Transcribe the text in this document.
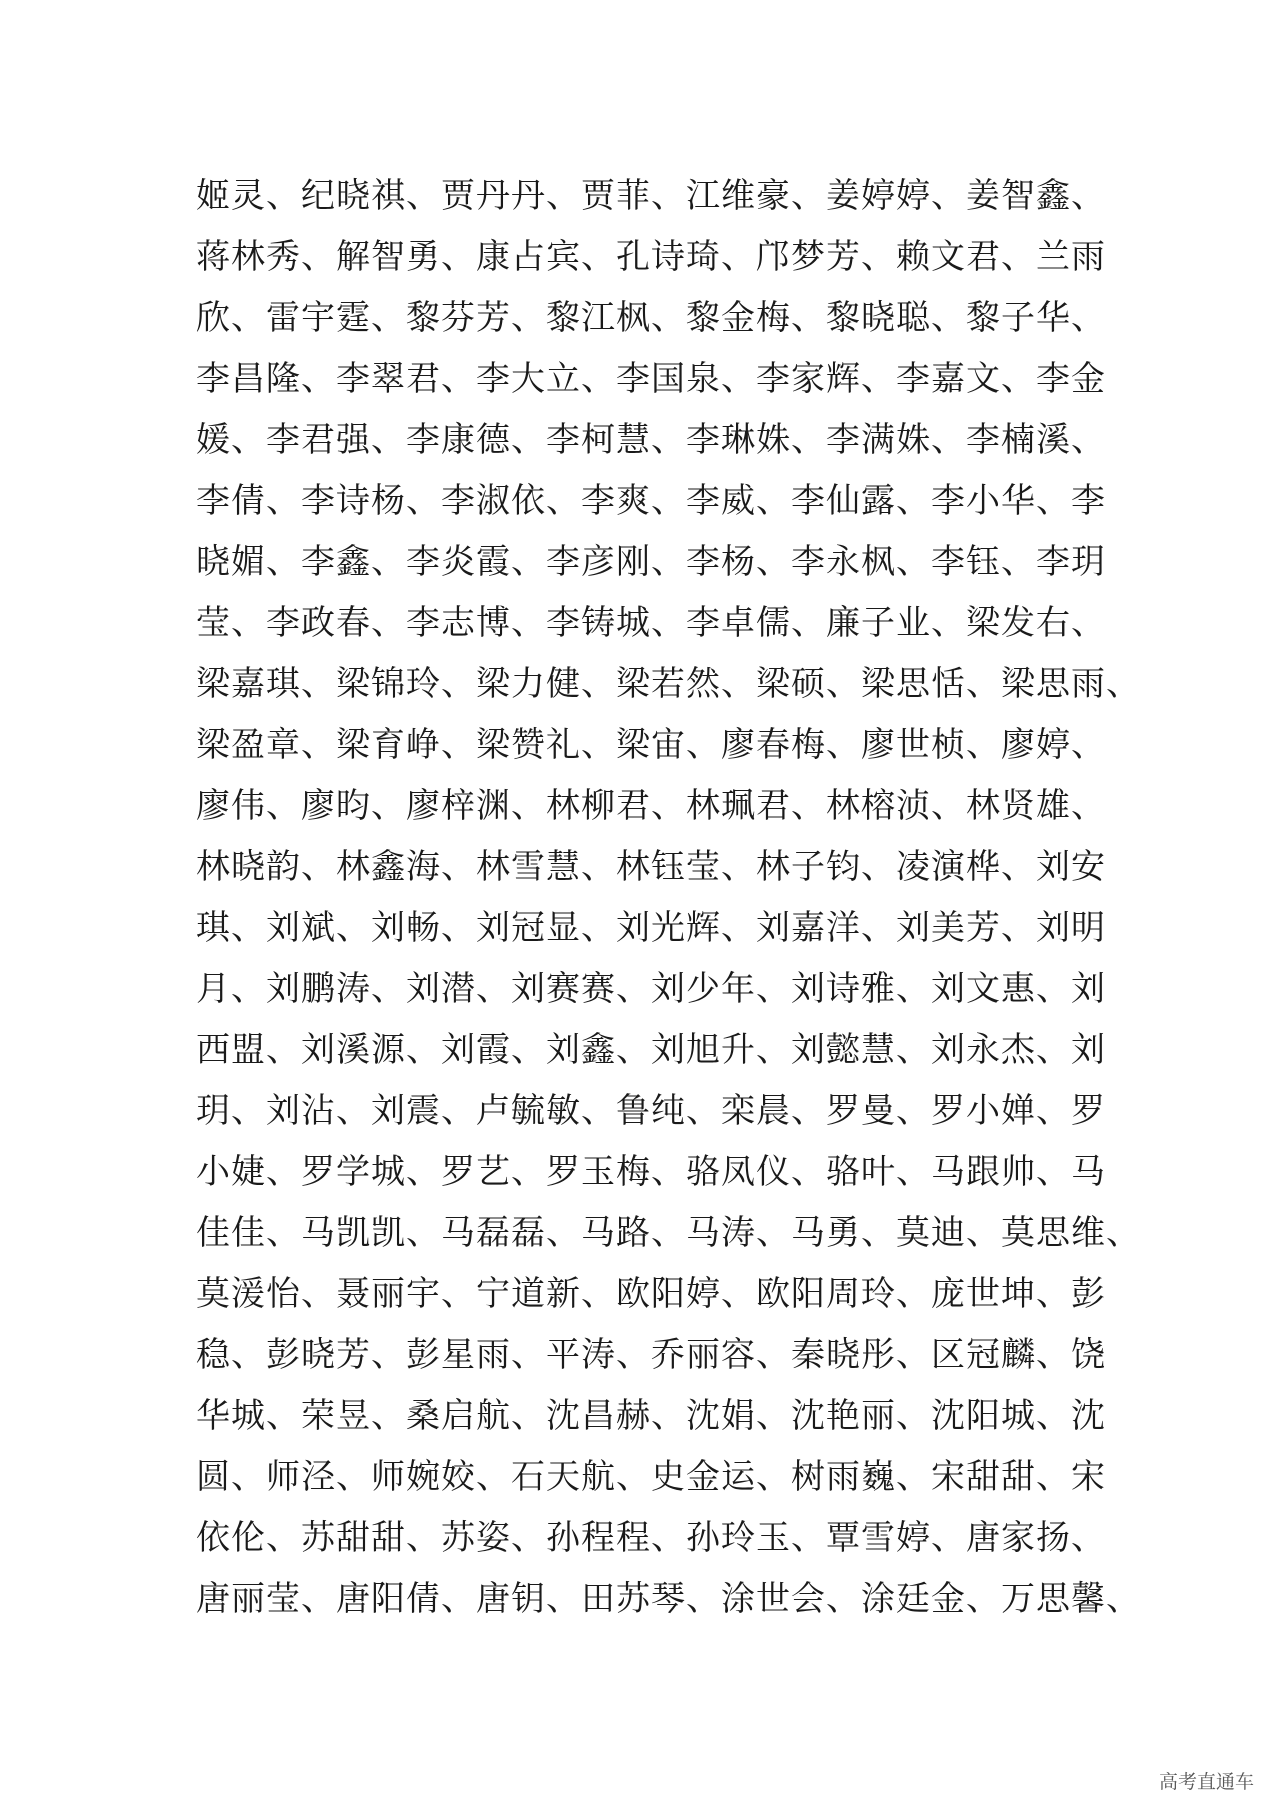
姬灵、纪晓祺、贾丹丹、贾菲、江维豪、姜婷婷、姜智鑫、
蒋林秀、解智勇、康占宾、孔诗琦、邝梦芳、赖文君、兰雨
欣、雷宇霆、黎芬芳、黎江枫、黎金梅、黎晓聪、黎子华、
李昌隆、李翠君、李大立、李国泉、李家辉、李嘉文、李金
媛、李君强、李康德、李柯慧、李琳姝、李满姝、李楠溪、
李倩、李诗杨、李淑依、李爽、李威、李仙露、李小华、李
晓媚、李鑫、李炎霞、李彦刚、李杨、李永枫、李钰、李玥
莹、李政春、李志博、李铸城、李卓儒、廉子业、梁发右、
梁嘉琪、梁锦玲、梁力健、梁若然、梁硕、梁思恬、梁思雨、
梁盈章、梁育峥、梁赞礼、梁宙、廖春梅、廖世桢、廖婷、
廖伟、廖昀、廖梓渊、林柳君、林珮君、林榕浈、林贤雄、
林晓韵、林鑫海、林雪慧、林钰莹、林子钧、凌演桦、刘安
琪、刘斌、刘畅、刘冠显、刘光辉、刘嘉洋、刘美芳、刘明
月、刘鹏涛、刘潜、刘赛赛、刘少年、刘诗雅、刘文惠、刘
西盟、刘溪源、刘霞、刘鑫、刘旭升、刘懿慧、刘永杰、刘
玥、刘沾、刘震、卢毓敏、鲁纯、栾晨、罗曼、罗小婵、罗
小婕、罗学城、罗艺、罗玉梅、骆凤仪、骆叶、马跟帅、马
佳佳、马凯凯、马磊磊、马路、马涛、马勇、莫迪、莫思维、
莫湲怡、聂丽宇、宁道新、欧阳婷、欧阳周玲、庞世坤、彭
稳、彭晓芳、彭星雨、平涛、乔丽容、秦晓彤、区冠麟、饶
华城、荣昱、桑启航、沈昌赫、沈娟、沈艳丽、沈阳城、沈
圆、师泾、师婉姣、石天航、史金运、树雨巍、宋甜甜、宋
依伦、苏甜甜、苏姿、孙程程、孙玲玉、覃雪婷、唐家扬、
唐丽莹、唐阳倩、唐钥、田苏琴、涂世会、涂廷金、万思馨、
高考直通车
